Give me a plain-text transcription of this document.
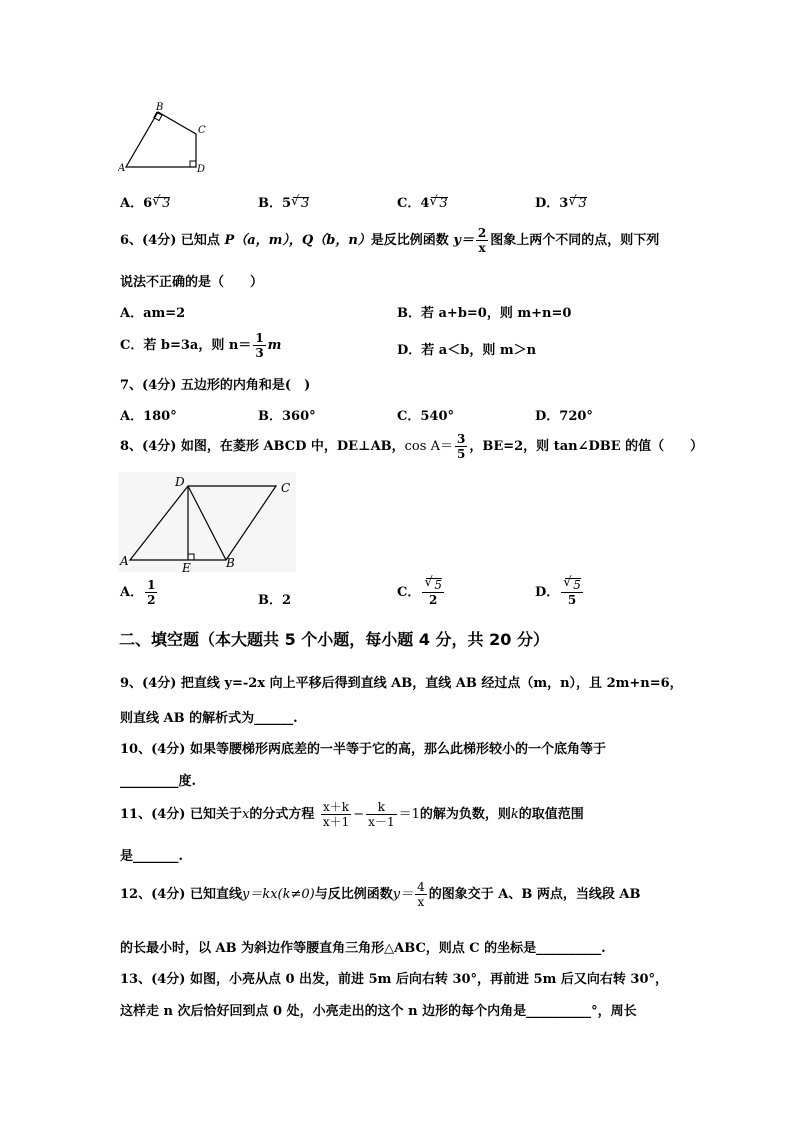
A
B
C
D
A．6 √ 3	B．5 √ 3	C．4 √ 3	D．3 √ 3
6、(4分) 已知点 P（a，m），Q（b，n）是反比例函数 $y= \frac{2}{x}$ 图象上两个不同的点，则下列
说法不正确的是（　　）
A．am=2	B．若 a+b=0，则 m+n=0
C．若 b=3a，则 $n= \frac{1}{3}$ m	D．若 a＜b，则 m＞n
7、(4分) 五边形的内角和是(　)
A．180°	B．360°	C．540°	D．720°
8、(4分) 如图，在菱形 ABCD 中，DE⊥AB，$\cos A= \frac{3}{5}$ ，BE=2，则 tan∠DBE 的值（　　）
A
D	C
E	B
A． $\frac{1}{2}$	B．2
C． √ $\frac{5}{2}$	D． √ $\frac{5}{5}$
二、填空题（本大题共 5 个小题，每小题 4 分，共 20 分）
9、(4分) 把直线 y=-2x 向上平移后得到直线 AB，直线 AB 经过点（m，n），且 2m+n=6，
则直线 AB 的解析式为______.
10、(4分) 如果等腰梯形两底差的一半等于它的高，那么此梯形较小的一个底角等于
_________度.
11、(4分) 已知关于x的分式方程 $\frac{x+k}{x+1} - \frac{k}{x-1} =1$的解为负数，则k的取值范围
是_______.
12、(4分) 已知直线y＝kx(k≠0)与反比例函数$y= \frac{4}{x}$ 的图象交于 A、B 两点，当线段 AB
的长最小时，以 AB 为斜边作等腰直角三角形△ABC，则点 C 的坐标是__________.
13、(4分) 如图，小亮从点 0 出发，前进 5m 后向右转 30°，再前进 5m 后又向右转 30°，
这样走 n 次后恰好回到点 0 处，小亮走出的这个 n 边形的每个内角是__________°，周长
